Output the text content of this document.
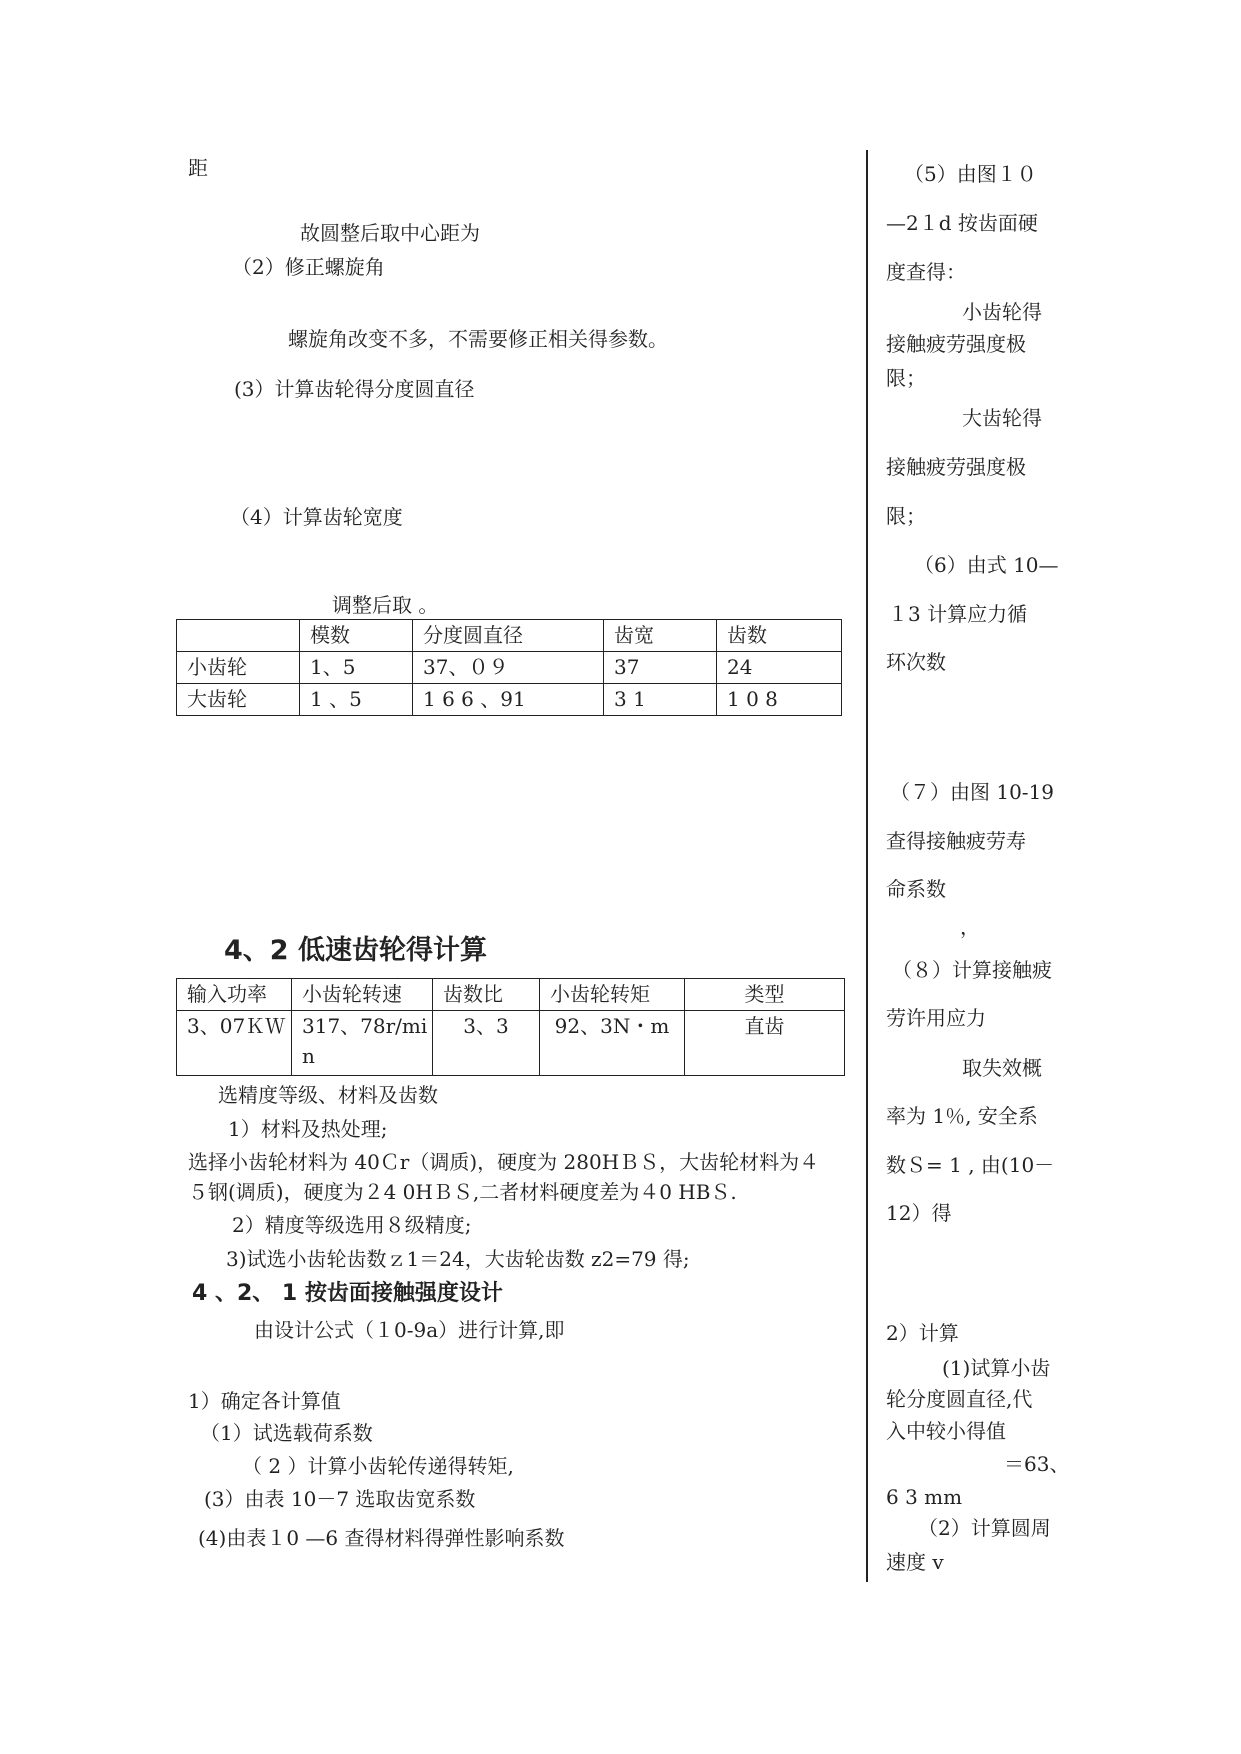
距
故圆整后取中心距为
（2）修正螺旋角
螺旋角改变不多，不需要修正相关得参数。
(3）计算齿轮得分度圆直径
（4）计算齿轮宽度
调整后取 。
	模数	分度圆直径	齿宽	齿数
小齿轮	1、5	37、０９	37	24
大齿轮	1 、5	1 6 6 、91	3 1	1 0 8
4、2 低速齿轮得计算
输入功率	小齿轮转速	齿数比	小齿轮转矩	类型
3、07ＫＷ	317、78r/min	3、3	92、3N・m	直齿
选精度等级、材料及齿数
1）材料及热处理;
选择小齿轮材料为 40Ｃr（调质)，硬度为 280HＢＳ，大齿轮材料为４
５钢(调质)，硬度为２4 0HＢＳ,二者材料硬度差为４0 HBＳ.
2）精度等级选用８级精度;
3)试选小齿轮齿数ｚ1＝24，大齿轮齿数 z2=79 得;
4 、2、 1 按齿面接触强度设计
由设计公式（１0-9a）进行计算,即
1）确定各计算值
（1）试选载荷系数
（ 2 ）计算小齿轮传递得转矩,
(3）由表 10－7 选取齿宽系数
(4)由表１0 —6 查得材料得弹性影响系数
（5）由图１０
—2１d 按齿面硬
度查得：
小齿轮得
接触疲劳强度极
限；
大齿轮得
接触疲劳强度极
限；
（6）由式 10—
１3 计算应力循
环次数
（７）由图 10-19
查得接触疲劳寿
命系数
，
（８）计算接触疲
劳许用应力
取失效概
率为 1％, 安全系
数Ｓ= 1 , 由(10－
12）得
2）计算
(1)试算小齿
轮分度圆直径,代
入中较小得值
＝63、
6 3 mm
（2）计算圆周
速度 v
